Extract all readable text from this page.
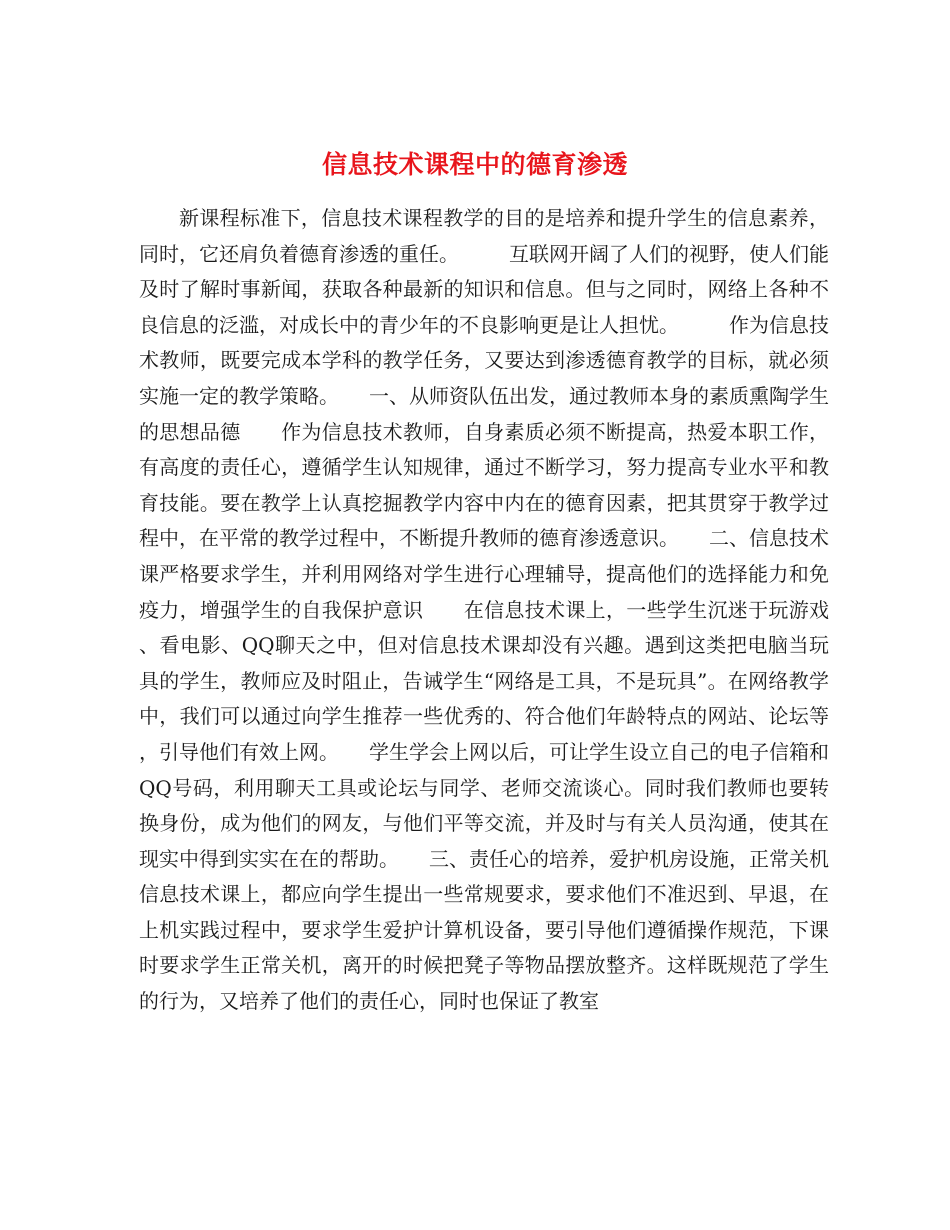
信息技术课程中的德育渗透

新课程标准下，信息技术课程教学的目的是培养和提升学生的信息素养，同时，它还肩负着德育渗透的重任。　　　互联网开阔了人们的视野，使人们能及时了解时事新闻，获取各种最新的知识和信息。但与之同时，网络上各种不良信息的泛滥，对成长中的青少年的不良影响更是让人担忧。　　　作为信息技术教师，既要完成本学科的教学任务，又要达到渗透德育教学的目标，就必须实施一定的教学策略。　　一、从师资队伍出发，通过教师本身的素质熏陶学生的思想品德　　作为信息技术教师，自身素质必须不断提高，热爱本职工作，有高度的责任心，遵循学生认知规律，通过不断学习，努力提高专业水平和教育技能。要在教学上认真挖掘教学内容中内在的德育因素，把其贯穿于教学过程中，在平常的教学过程中，不断提升教师的德育渗透意识。　　二、信息技术课严格要求学生，并利用网络对学生进行心理辅导，提高他们的选择能力和免疫力，增强学生的自我保护意识　　在信息技术课上，一些学生沉迷于玩游戏、看电影、QQ聊天之中，但对信息技术课却没有兴趣。遇到这类把电脑当玩具的学生，教师应及时阻止，告诫学生“网络是工具，不是玩具”。在网络教学中，我们可以通过向学生推荐一些优秀的、符合他们年龄特点的网站、论坛等，引导他们有效上网。　　学生学会上网以后，可让学生设立自己的电子信箱和QQ号码，利用聊天工具或论坛与同学、老师交流谈心。同时我们教师也要转换身份，成为他们的网友，与他们平等交流，并及时与有关人员沟通，使其在现实中得到实实在在的帮助。　　三、责任心的培养，爱护机房设施，正常关机　　信息技术课上，都应向学生提出一些常规要求，要求他们不准迟到、早退，在上机实践过程中，要求学生爱护计算机设备，要引导他们遵循操作规范，下课时要求学生正常关机，离开的时候把凳子等物品摆放整齐。这样既规范了学生的行为，又培养了他们的责任心，同时也保证了教室
